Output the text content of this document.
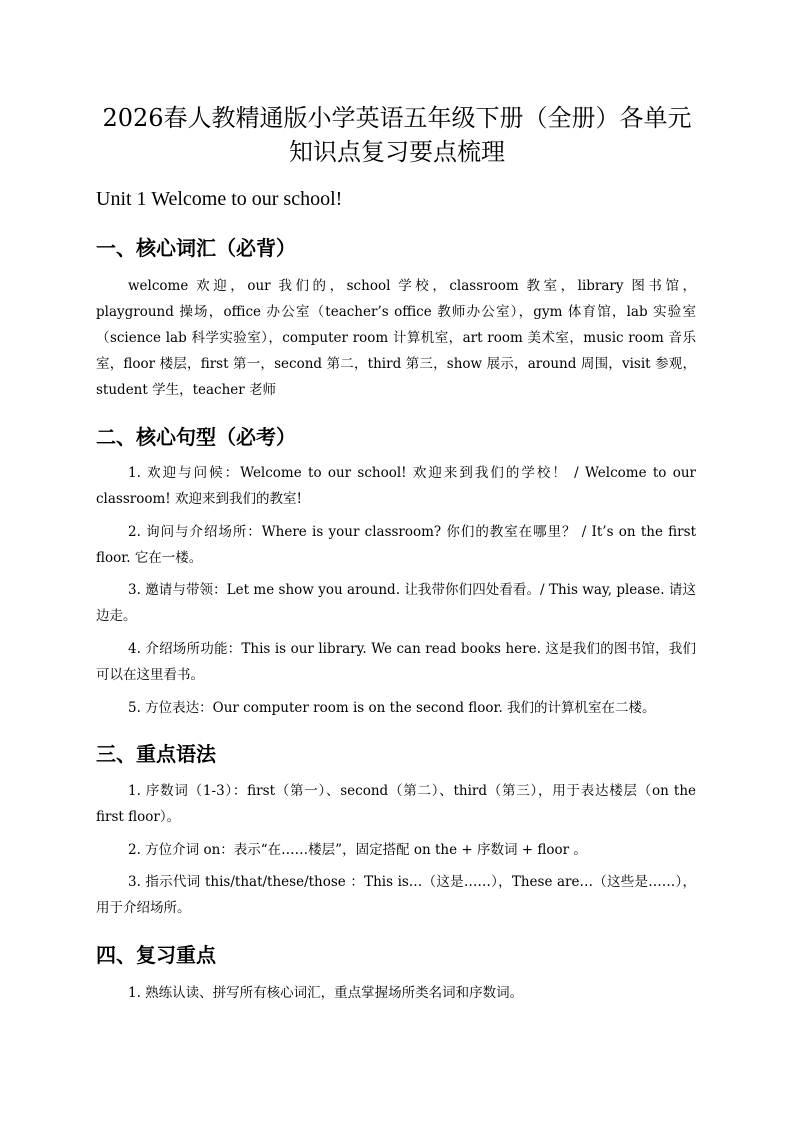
2026春人教精通版小学英语五年级下册（全册）各单元
知识点复习要点梳理
Unit 1 Welcome to our school!
一、核心词汇（必背）
welcome 欢迎，our 我们的，school 学校，classroom 教室，library 图书馆，playground 操场，office 办公室（teacher’s office 教师办公室），gym 体育馆，lab 实验室（science lab 科学实验室），computer room 计算机室，art room 美术室，music room 音乐室，floor 楼层，first 第一，second 第二，third 第三，show 展示，around 周围，visit 参观，student 学生，teacher 老师
二、核心句型（必考）
1. 欢迎与问候：Welcome to our school! 欢迎来到我们的学校！ / Welcome to our classroom! 欢迎来到我们的教室!
2. 询问与介绍场所：Where is your classroom? 你们的教室在哪里？ / It’s on the first floor. 它在一楼。
3. 邀请与带领：Let me show you around. 让我带你们四处看看。/ This way, please. 请这边走。
4. 介绍场所功能：This is our library. We can read books here. 这是我们的图书馆，我们可以在这里看书。
5. 方位表达：Our computer room is on the second floor. 我们的计算机室在二楼。
三、重点语法
1. 序数词（1-3）：first（第一）、second（第二）、third（第三），用于表达楼层（on the first floor）。
2. 方位介词 on：表示“在……楼层”，固定搭配 on the + 序数词 + floor 。
3. 指示代词 this/that/these/those ：This is…（这是……），These are…（这些是……），用于介绍场所。
四、复习重点
1. 熟练认读、拼写所有核心词汇，重点掌握场所类名词和序数词。
